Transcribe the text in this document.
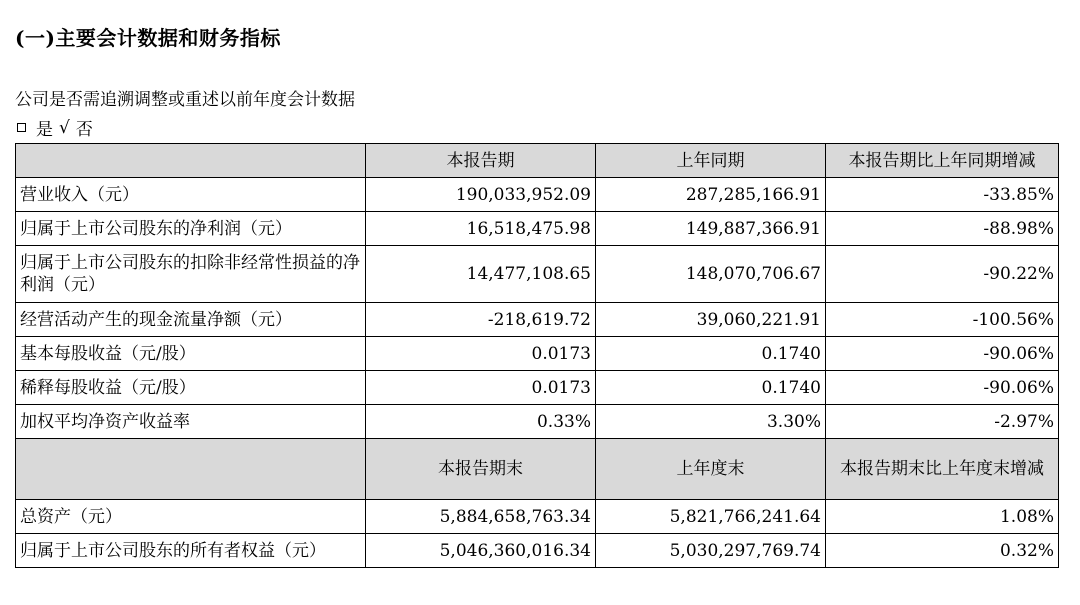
(一)主要会计数据和财务指标

公司是否需追溯调整或重述以前年度会计数据

是 √ 否
	本报告期	上年同期	本报告期比上年同期增减
营业收入（元）	190,033,952.09	287,285,166.91	-33.85%
归属于上市公司股东的净利润（元）	16,518,475.98	149,887,366.91	-88.98%
归属于上市公司股东的扣除非经常性损益的净利润（元）	14,477,108.65	148,070,706.67	-90.22%
经营活动产生的现金流量净额（元）	-218,619.72	39,060,221.91	-100.56%
基本每股收益（元/股）	0.0173	0.1740	-90.06%
稀释每股收益（元/股）	0.0173	0.1740	-90.06%
加权平均净资产收益率	0.33%	3.30%	-2.97%
	本报告期末	上年度末	本报告期末比上年度末增减
总资产（元）	5,884,658,763.34	5,821,766,241.64	1.08%
归属于上市公司股东的所有者权益（元）	5,046,360,016.34	5,030,297,769.74	0.32%
